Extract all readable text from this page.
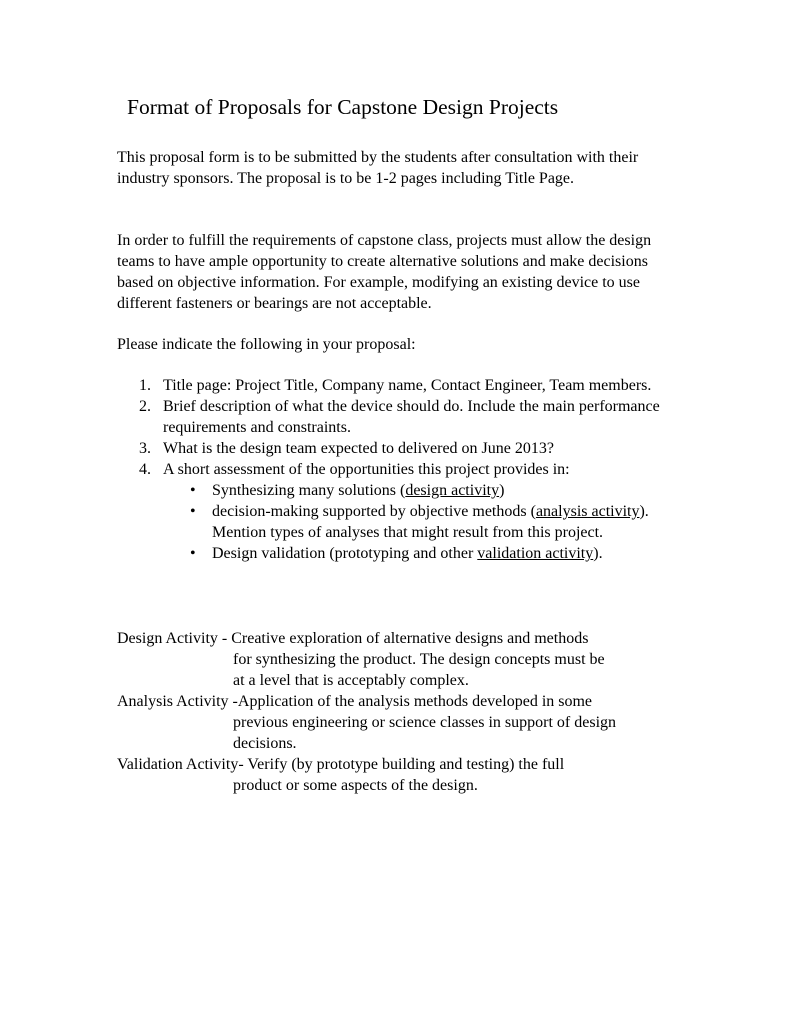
Format of Proposals for Capstone Design Projects
This proposal form is to be submitted by the students after consultation with their industry sponsors. The proposal is to be 1-2 pages including Title Page.
In order to fulfill the requirements of capstone class, projects must allow the design teams to have ample opportunity to create alternative solutions and make decisions based on objective information. For example, modifying an existing device to use different fasteners or bearings are not acceptable.
Please indicate the following in your proposal:
1. Title page: Project Title, Company name, Contact Engineer, Team members.
2. Brief description of what the device should do. Include the main performance requirements and constraints.
3. What is the design team expected to delivered on June 2013?
4. A short assessment of the opportunities this project provides in:
• Synthesizing many solutions (design activity)
• decision-making supported by objective methods (analysis activity). Mention types of analyses that might result from this project.
• Design validation (prototyping and other validation activity).
Design Activity - Creative exploration of alternative designs and methods
for synthesizing the product. The design concepts must be
at a level that is acceptably complex.
Analysis Activity -Application of the analysis methods developed in some
previous engineering or science classes in support of design
decisions.
Validation Activity- Verify (by prototype building and testing) the full
product or some aspects of the design.
